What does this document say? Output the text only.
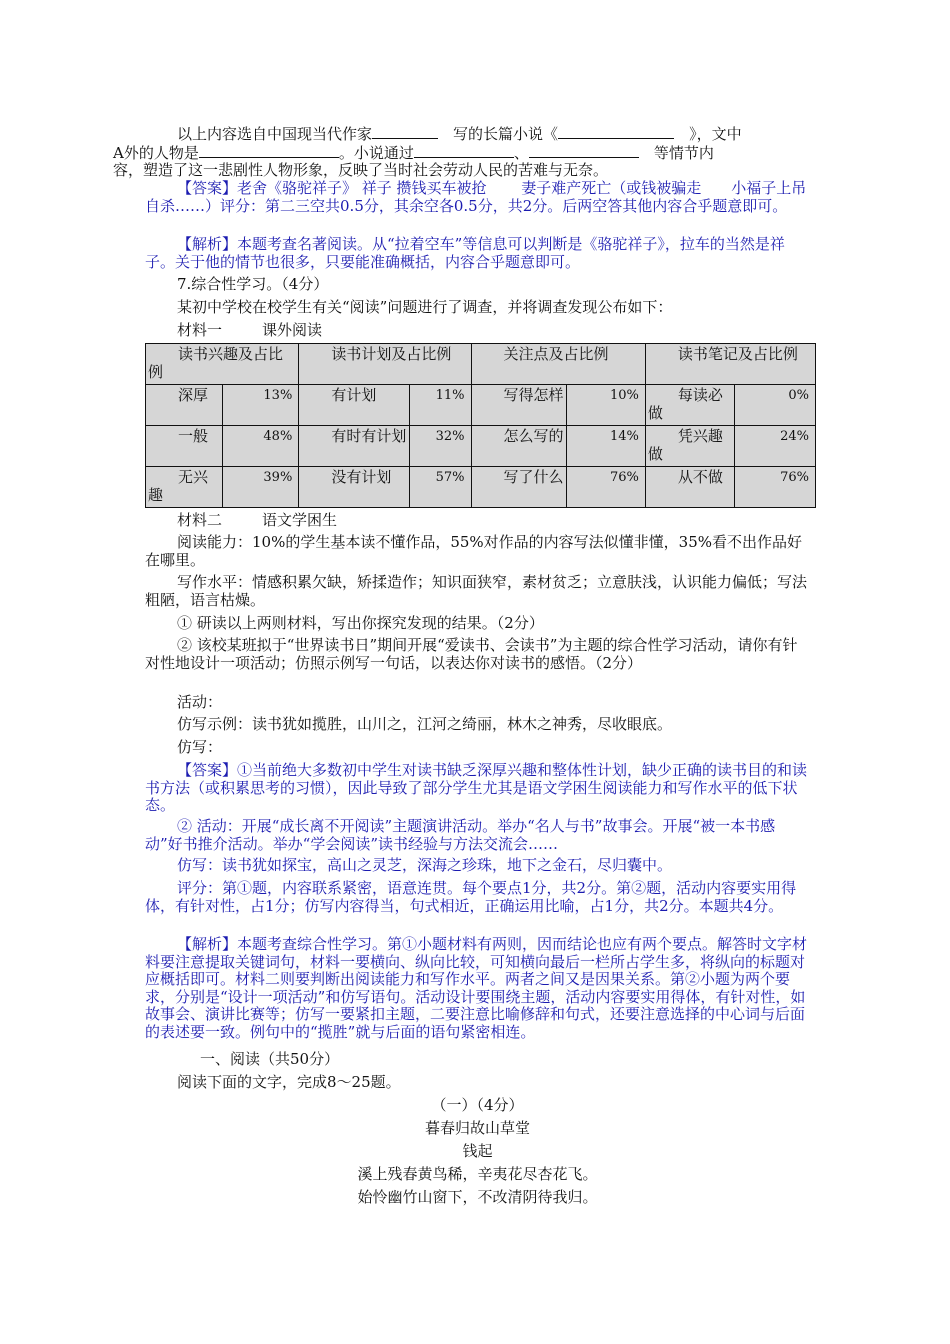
以上内容选自中国现当代作家　	写的长篇小说《　	》，文中
A外的人物是	。小说通过	、　	等情节内
容，塑造了这一悲剧性人物形象，反映了当时社会劳动人民的苦难与无奈。

【答案】老舍《骆驼祥子》 祥子 攒钱买车被抢　　 妻子难产死亡（或钱被骗走　　小福子上吊自杀……）评分：第二三空共0.5分，其余空各0.5分，共2分。后两空答其他内容合乎题意即可。

【解析】本题考查名著阅读。从“拉着空车”等信息可以判断是《骆驼祥子》，拉车的当然是祥子。关于他的情节也很多，只要能准确概括，内容合乎题意即可。

7.综合性学习。（4分）

某初中学校在校学生有关“阅读”问题进行了调查，并将调查发现公布如下：

材料一	课外阅读

读书兴趣及占比例		读书计划及占比例		关注点及占比例		读书笔记及占比例	
深厚	13%	有计划	11%	写得怎样	10%	每读必做	0%
一般	48%	有时有计划	32%	怎么写的	14%	凭兴趣做	24%
无兴趣	39%	没有计划	57%	写了什么	76%	从不做	76%

材料二	语文学困生

阅读能力：10%的学生基本读不懂作品，55%对作品的内容写法似懂非懂，35%看不出作品好在哪里。

写作水平：情感积累欠缺，矫揉造作；知识面狭窄，素材贫乏；立意肤浅，认识能力偏低；写法粗陋，语言枯燥。

① 研读以上两则材料，写出你探究发现的结果。（2分）

② 该校某班拟于“世界读书日”期间开展“爱读书、会读书”为主题的综合性学习活动，请你有针对性地设计一项活动；仿照示例写一句话，以表达你对读书的感悟。（2分）

活动：

仿写示例：读书犹如揽胜，山川之，江河之绮丽，林木之神秀，尽收眼底。

仿写：

【答案】①当前绝大多数初中学生对读书缺乏深厚兴趣和整体性计划，缺少正确的读书目的和读书方法（或积累思考的习惯），因此导致了部分学生尤其是语文学困生阅读能力和写作水平的低下状态。

② 活动：开展“成长离不开阅读”主题演讲活动。举办“名人与书”故事会。开展“被一本书感动”好书推介活动。举办“学会阅读”读书经验与方法交流会……

仿写：读书犹如探宝，高山之灵芝，深海之珍珠，地下之金石，尽归囊中。

评分：第①题，内容联系紧密，语意连贯。每个要点1分，共2分。第②题，活动内容要实用得体，有针对性，占1分；仿写内容得当，句式相近，正确运用比喻，占1分，共2分。本题共4分。

【解析】本题考查综合性学习。第①小题材料有两则，因而结论也应有两个要点。解答时文字材料要注意提取关键词句，材料一要横向、纵向比较，可知横向最后一栏所占学生多，将纵向的标题对应概括即可。材料二则要判断出阅读能力和写作水平。两者之间又是因果关系。第②小题为两个要求，分别是“设计一项活动”和仿写语句。活动设计要围绕主题，活动内容要实用得体，有针对性，如故事会、演讲比赛等；仿写一要紧扣主题，二要注意比喻修辞和句式，还要注意选择的中心词与后面的表述要一致。例句中的“揽胜”就与后面的语句紧密相连。

一、阅读（共50分）

阅读下面的文字，完成8～25题。

（一）（4分）

暮春归故山草堂

钱起

溪上残春黄鸟稀，辛夷花尽杏花飞。

始怜幽竹山窗下，不改清阴待我归。
